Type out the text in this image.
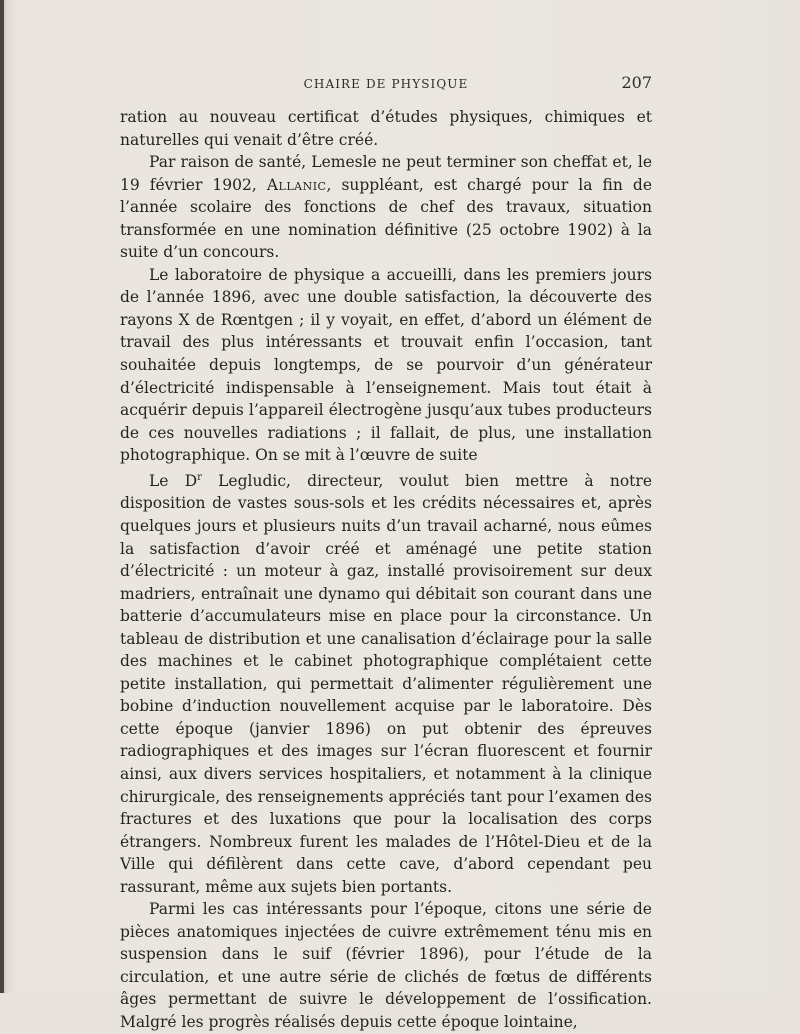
CHAIRE DE PHYSIQUE	207

ration au nouveau certificat d’études physiques, chimiques et naturelles qui venait d’être créé.

Par raison de santé, Lemesle ne peut terminer son cheffat et, le 19 février 1902, Allanic, suppléant, est chargé pour la fin de l’année scolaire des fonctions de chef des travaux, situation transformée en une nomination définitive (25 octobre 1902) à la suite d’un concours.

Le laboratoire de physique a accueilli, dans les premiers jours de l’année 1896, avec une double satisfaction, la découverte des rayons X de Rœntgen ; il y voyait, en effet, d’abord un élément de travail des plus intéressants et trouvait enfin l’occasion, tant souhaitée depuis longtemps, de se pourvoir d’un générateur d’électricité indispensable à l’enseignement. Mais tout était à acquérir depuis l’appareil électrogène jusqu’aux tubes producteurs de ces nouvelles radiations ; il fallait, de plus, une installation photographique. On se mit à l’œuvre de suite

Le $D^r$ Legludic, directeur, voulut bien mettre à notre disposition de vastes sous-sols et les crédits nécessaires et, après quelques jours et plusieurs nuits d’un travail acharné, nous eûmes la satisfaction d’avoir créé et aménagé une petite station d’électricité : un moteur à gaz, installé provisoirement sur deux madriers, entraînait une dynamo qui débitait son courant dans une batterie d’accumulateurs mise en place pour la circonstance. Un tableau de distribution et une canalisation d’éclairage pour la salle des machines et le cabinet photographique complétaient cette petite installation, qui permettait d’alimenter régulièrement une bobine d’induction nouvellement acquise par le laboratoire. Dès cette époque (janvier 1896) on put obtenir des épreuves radiographiques et des images sur l’écran fluorescent et fournir ainsi, aux divers services hospitaliers, et notamment à la clinique chirurgicale, des renseignements appréciés tant pour l’examen des fractures et des luxations que pour la localisation des corps étrangers. Nombreux furent les malades de l’Hôtel-Dieu et de la Ville qui défilèrent dans cette cave, d’abord cependant peu rassurant, même aux sujets bien portants.

Parmi les cas intéressants pour l’époque, citons une série de pièces anatomiques injectées de cuivre extrêmement ténu mis en suspension dans le suif (février 1896), pour l’étude de la circulation, et une autre série de clichés de fœtus de différents âges permettant de suivre le développement de l’ossification. Malgré les progrès réalisés depuis cette époque lointaine,
